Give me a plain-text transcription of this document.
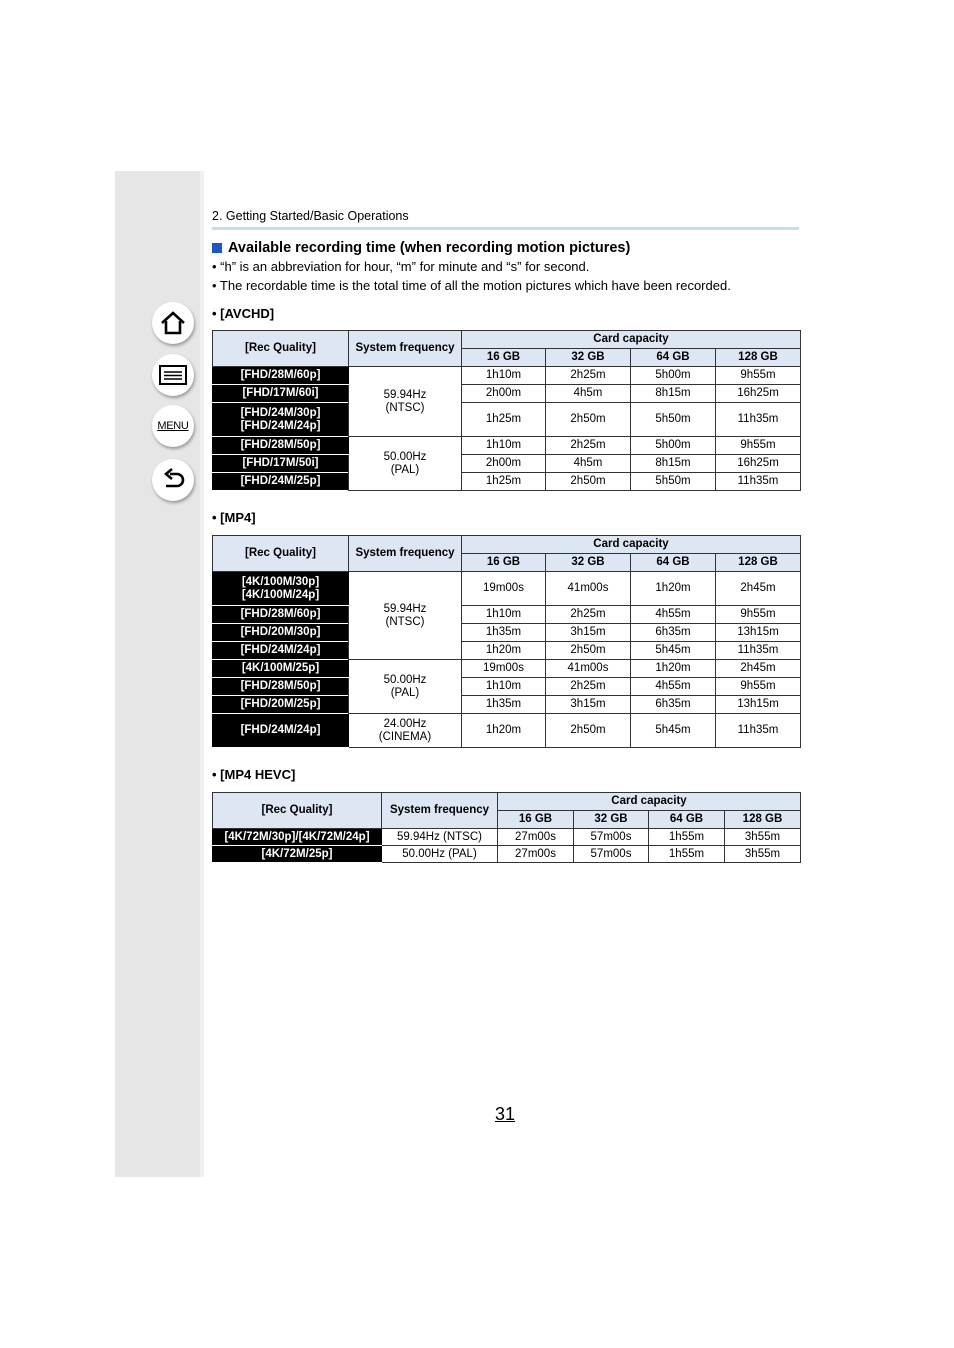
MENU
2. Getting Started/Basic Operations
Available recording time (when recording motion pictures)
• “h” is an abbreviation for hour, “m” for minute and “s” for second.
• The recordable time is the total time of all the motion pictures which have been recorded.
• [AVCHD]
[Rec Quality]	System frequency	Card capacity			
		16 GB	32 GB	64 GB	128 GB
[FHD/28M/60p]	59.94Hz
(NTSC)	1h10m	2h25m	5h00m	9h55m
[FHD/17M/60i]		2h00m	4h5m	8h15m	16h25m
[FHD/24M/30p]
[FHD/24M/24p]		1h25m	2h50m	5h50m	11h35m
[FHD/28M/50p]	50.00Hz
(PAL)	1h10m	2h25m	5h00m	9h55m
[FHD/17M/50i]		2h00m	4h5m	8h15m	16h25m
[FHD/24M/25p]		1h25m	2h50m	5h50m	11h35m
• [MP4]
[Rec Quality]	System frequency	Card capacity			
		16 GB	32 GB	64 GB	128 GB
[4K/100M/30p]
[4K/100M/24p]	59.94Hz
(NTSC)	19m00s	41m00s	1h20m	2h45m
[FHD/28M/60p]		1h10m	2h25m	4h55m	9h55m
[FHD/20M/30p]		1h35m	3h15m	6h35m	13h15m
[FHD/24M/24p]		1h20m	2h50m	5h45m	11h35m
[4K/100M/25p]	50.00Hz
(PAL)	19m00s	41m00s	1h20m	2h45m
[FHD/28M/50p]		1h10m	2h25m	4h55m	9h55m
[FHD/20M/25p]		1h35m	3h15m	6h35m	13h15m
[FHD/24M/24p]	24.00Hz
(CINEMA)	1h20m	2h50m	5h45m	11h35m
• [MP4 HEVC]
[Rec Quality]	System frequency	Card capacity			
		16 GB	32 GB	64 GB	128 GB
[4K/72M/30p]/[4K/72M/24p]	59.94Hz (NTSC)	27m00s	57m00s	1h55m	3h55m
[4K/72M/25p]	50.00Hz (PAL)	27m00s	57m00s	1h55m	3h55m
31
